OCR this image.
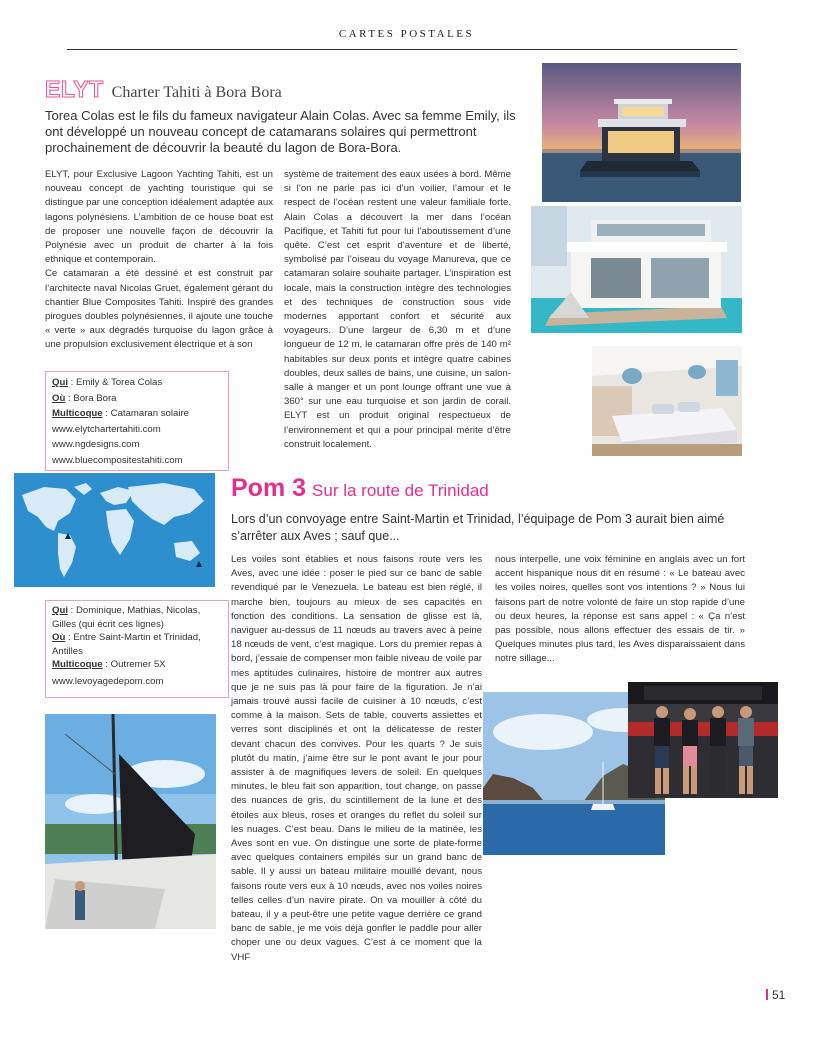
CARTES POSTALES
ELYT Charter Tahiti à Bora Bora
Torea Colas est le fils du fameux navigateur Alain Colas. Avec sa femme Emily, ils ont développé un nouveau concept de catamarans solaires qui permettront prochainement de découvrir la beauté du lagon de Bora-Bora.

ELYT, pour Exclusive Lagoon Yachting Tahiti, est un nouveau concept de yachting touristique qui se distingue par une conception idéalement adaptée aux lagons polynésiens. L’ambition de ce house boat est de proposer une nouvelle façon de découvrir la Polynésie avec un produit de charter à la fois ethnique et contemporain.

Ce catamaran a été dessiné et est construit par l’architecte naval Nicolas Gruet, également gérant du chantier Blue Composites Tahiti. Inspiré des grandes pirogues doubles polynésiennes, il ajoute une touche « verte » aux dégradés turquoise du lagon grâce à une propulsion exclusivement électrique et à son

système de traitement des eaux usées à bord. Même si l’on ne parle pas ici d’un voilier, l’amour et le respect de l’océan restent une valeur familiale forte. Alain Colas a découvert la mer dans l’océan Pacifique, et Tahiti fut pour lui l’aboutissement d’une quête. C’est cet esprit d’aventure et de liberté, symbolisé par l’oiseau du voyage Manureva, que ce catamaran solaire souhaite partager. L’inspiration est locale, mais la construction intègre des technologies et des techniques de construction sous vide modernes apportant confort et sécurité aux voyageurs. D’une largeur de 6,30 m et d’une longueur de 12 m, le catamaran offre près de 140 m² habitables sur deux ponts et intègre quatre cabines doubles, deux salles de bains, une cuisine, un salon-salle à manger et un pont lounge offrant une vue à 360° sur une eau turquoise et son jardin de corail. ELYT est un produit original respectueux de l’environnement et qui a pour principal mérite d’être construit localement.
Qui : Emily & Torea Colas
Où : Bora Bora
Multicoque : Catamaran solaire
www.elytchartertahiti.com
www.ngdesigns.com
www.bluecompositestahiti.com
Pom 3 Sur la route de Trinidad
Lors d’un convoyage entre Saint-Martin et Trinidad, l’équipage de Pom 3 aurait bien aimé s’arrêter aux Aves ; sauf que...
Les voiles sont établies et nous faisons route vers les Aves, avec une idée : poser le pied sur ce banc de sable revendiqué par le Venezuela. Le bateau est bien réglé, il marche bien, toujours au mieux de ses capacités en fonction des conditions. La sensation de glisse est là, naviguer au-dessus de 11 nœuds au travers avec à peine 18 nœuds de vent, c’est magique. Lors du premier repas à bord, j’essaie de compenser mon faible niveau de voile par mes aptitudes culinaires, histoire de montrer aux autres que je ne suis pas là pour faire de la figuration. Je n’ai jamais trouvé aussi facile de cuisiner à 10 nœuds, c’est comme à la maison. Sets de table, couverts assiettes et verres sont disciplinés et ont la délicatesse de rester devant chacun des convives. Pour les quarts ? Je suis plutôt du matin, j’aime être sur le pont avant le jour pour assister à de magnifiques levers de soleil. En quelques minutes, le bleu fait son apparition, tout change, on passe des nuances de gris, du scintillement de la lune et des étoiles aux bleus, roses et oranges du reflet du soleil sur les nuages. C’est beau. Dans le milieu de la matinée, les Aves sont en vue. On distingue une sorte de plate-forme avec quelques containers empilés sur un grand banc de sable. Il y aussi un bateau militaire mouillé devant, nous faisons route vers eux à 10 nœuds, avec nos voiles noires telles celles d’un navire pirate. On va mouiller à côté du bateau, il y a peut-être une petite vague derrière ce grand banc de sable, je me vois déjà gonfler le paddle pour aller choper une ou deux vagues. C’est à ce moment que la VHF
nous interpelle, une voix féminine en anglais avec un fort accent hispanique nous dit en résumé : « Le bateau avec les voiles noires, quelles sont vos intentions ? » Nous lui faisons part de notre volonté de faire un stop rapide d’une ou deux heures, la réponse est sans appel : « Ça n’est pas possible, nous allons effectuer des essais de tir. » Quelques minutes plus tard, les Aves disparaissaient dans notre sillage...
Qui : Dominique, Mathias, Nicolas, Gilles (qui écrit ces lignes)
Où : Entre Saint-Martin et Trinidad, Antilles
Multicoque : Outremer 5X
www.levoyagedepom.com
51
